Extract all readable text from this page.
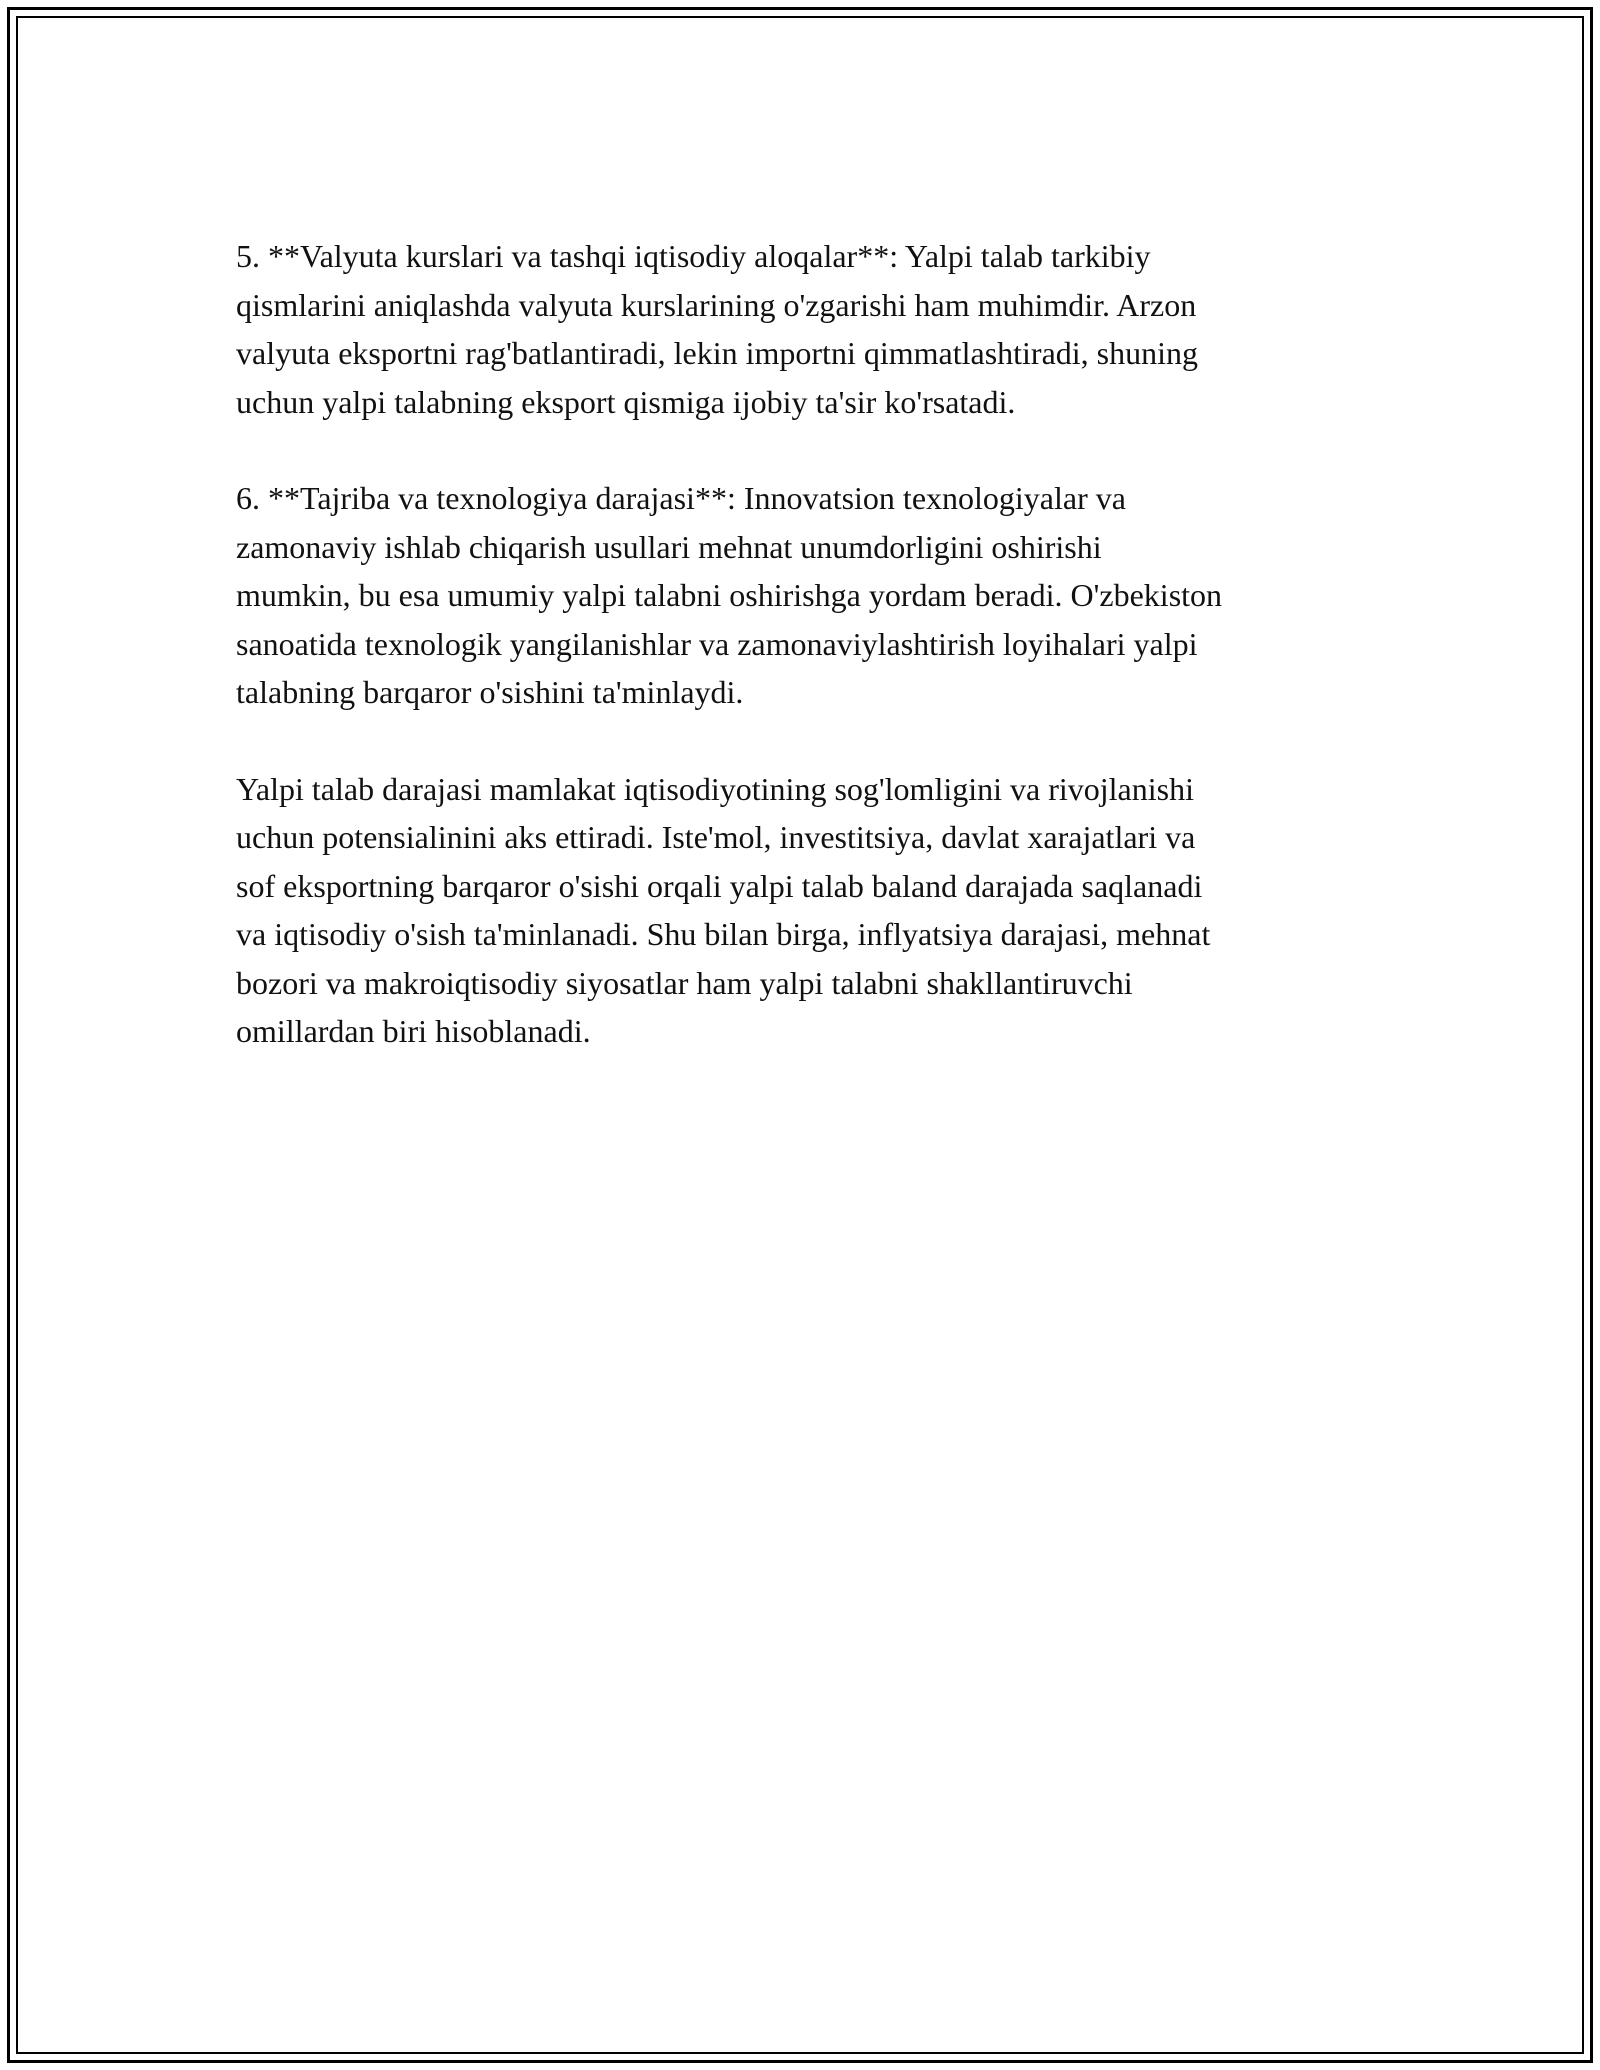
5. **Valyuta kurslari va tashqi iqtisodiy aloqalar**: Yalpi talab tarkibiy
qismlarini aniqlashda valyuta kurslarining o'zgarishi ham muhimdir. Arzon
valyuta eksportni rag'batlantiradi, lekin importni qimmatlashtiradi, shuning
uchun yalpi talabning eksport qismiga ijobiy ta'sir ko'rsatadi.

6. **Tajriba va texnologiya darajasi**: Innovatsion texnologiyalar va
zamonaviy ishlab chiqarish usullari mehnat unumdorligini oshirishi
mumkin, bu esa umumiy yalpi talabni oshirishga yordam beradi. O'zbekiston
sanoatida texnologik yangilanishlar va zamonaviylashtirish loyihalari yalpi
talabning barqaror o'sishini ta'minlaydi.

Yalpi talab darajasi mamlakat iqtisodiyotining sog'lomligini va rivojlanishi
uchun potensialinini aks ettiradi. Iste'mol, investitsiya, davlat xarajatlari va
sof eksportning barqaror o'sishi orqali yalpi talab baland darajada saqlanadi
va iqtisodiy o'sish ta'minlanadi. Shu bilan birga, inflyatsiya darajasi, mehnat
bozori va makroiqtisodiy siyosatlar ham yalpi talabni shakllantiruvchi
omillardan biri hisoblanadi.
